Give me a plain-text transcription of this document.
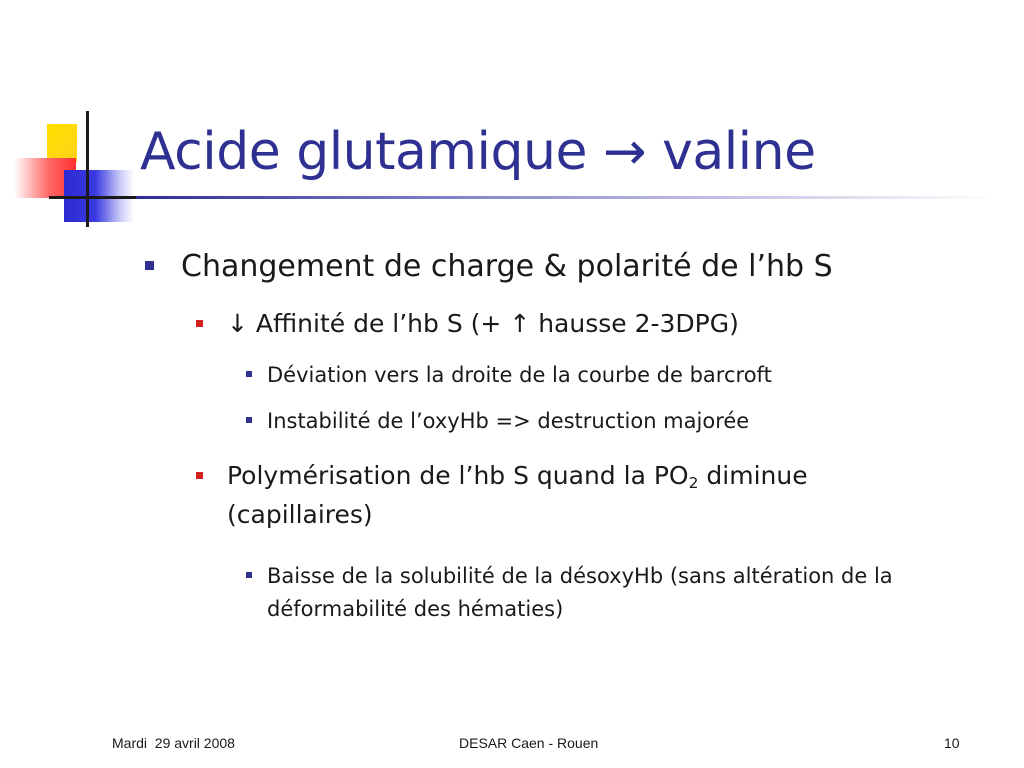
Acide glutamique → valine
Changement de charge & polarité de l’hb S
↓ Affinité de l’hb S (+ ↑ hausse 2-3DPG)
Déviation vers la droite de la courbe de barcroft
Instabilité de l’oxyHb => destruction majorée
Polymérisation de l’hb S quand la $PO_2$ diminue (capillaires)
Baisse de la solubilité de la désoxyHb (sans altération de la déformabilité des hématies)
Mardi  29 avril 2008	DESAR Caen - Rouen	10
